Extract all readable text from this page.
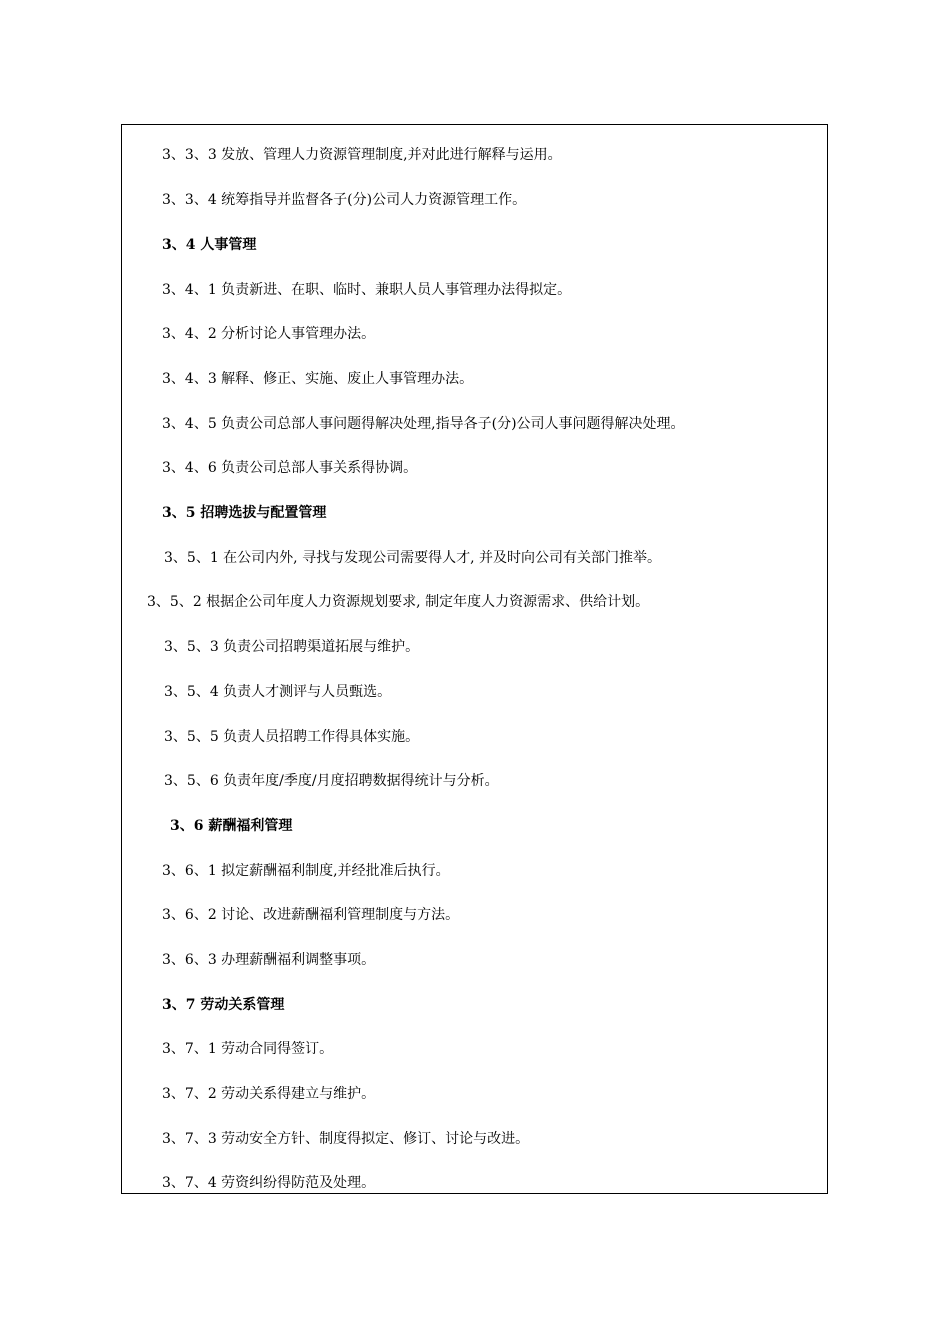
3、3、3 发放、管理人力资源管理制度,并对此进行解释与运用。
3、3、4 统筹指导并监督各子(分)公司人力资源管理工作。
3、4 人事管理
3、4、1 负责新进、在职、临时、兼职人员人事管理办法得拟定。
3、4、2 分析讨论人事管理办法。
3、4、3 解释、修正、实施、废止人事管理办法。
3、4、5 负责公司总部人事问题得解决处理,指导各子(分)公司人事问题得解决处理。
3、4、6 负责公司总部人事关系得协调。
3、5 招聘选拔与配置管理
3、5、1 在公司内外, 寻找与发现公司需要得人才, 并及时向公司有关部门推举。
3、5、2 根据企公司年度人力资源规划要求, 制定年度人力资源需求、供给计划。
3、5、3 负责公司招聘渠道拓展与维护。
3、5、4 负责人才测评与人员甄选。
3、5、5 负责人员招聘工作得具体实施。
3、5、6 负责年度/季度/月度招聘数据得统计与分析。
3、6 薪酬福利管理
3、6、1 拟定薪酬福利制度,并经批准后执行。
3、6、2 讨论、改进薪酬福利管理制度与方法。
3、6、3 办理薪酬福利调整事项。
3、7 劳动关系管理
3、7、1 劳动合同得签订。
3、7、2 劳动关系得建立与维护。
3、7、3 劳动安全方针、制度得拟定、修订、讨论与改进。
3、7、4 劳资纠纷得防范及处理。
